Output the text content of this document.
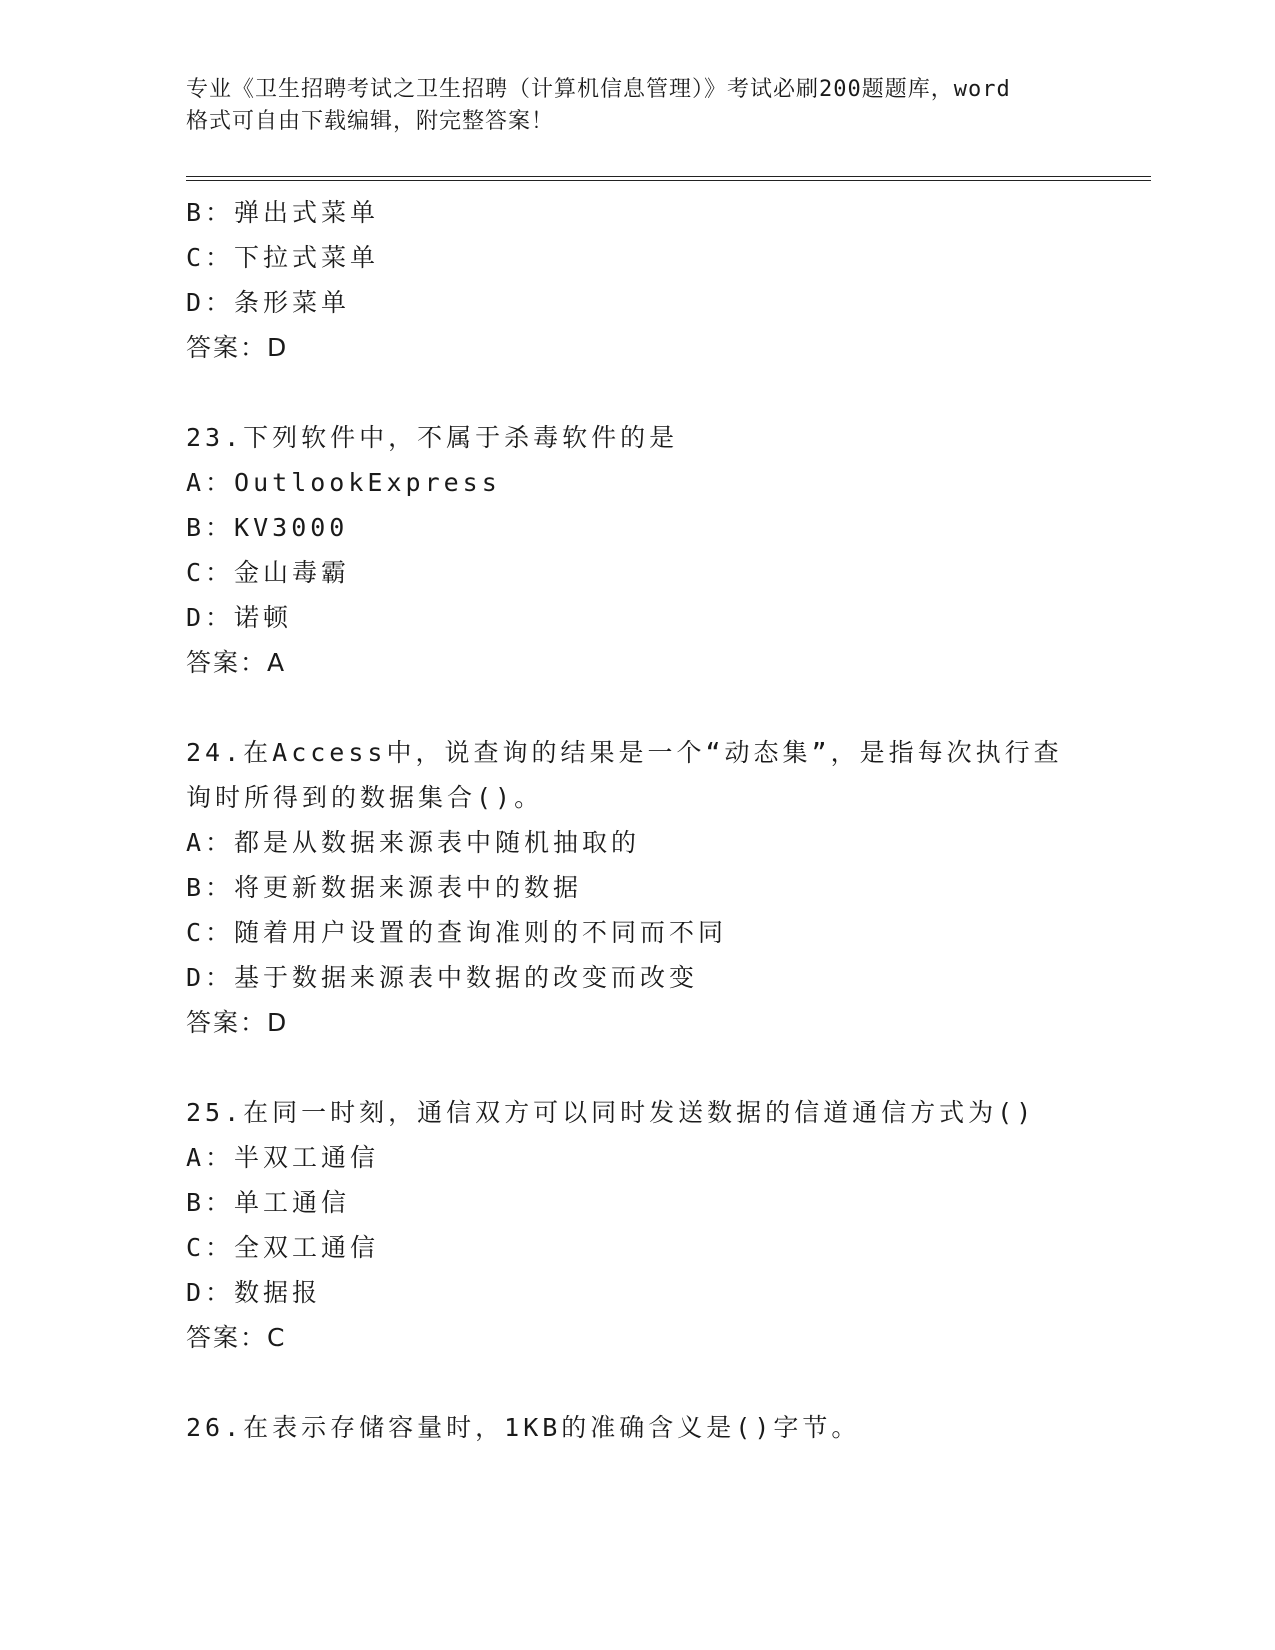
专业《卫生招聘考试之卫生招聘（计算机信息管理）》考试必刷200题题库，word
格式可自由下载编辑，附完整答案！
B：弹出式菜单
C：下拉式菜单
D：条形菜单
答案：D
23.下列软件中，不属于杀毒软件的是
A：OutlookExpress
B：KV3000
C：金山毒霸
D：诺顿
答案：A
24.在Access中，说查询的结果是一个“动态集”，是指每次执行查
询时所得到的数据集合()。
A：都是从数据来源表中随机抽取的
B：将更新数据来源表中的数据
C：随着用户设置的查询准则的不同而不同
D：基于数据来源表中数据的改变而改变
答案：D
25.在同一时刻，通信双方可以同时发送数据的信道通信方式为()
A：半双工通信
B：单工通信
C：全双工通信
D：数据报
答案：C
26.在表示存储容量时，1KB的准确含义是()字节。
